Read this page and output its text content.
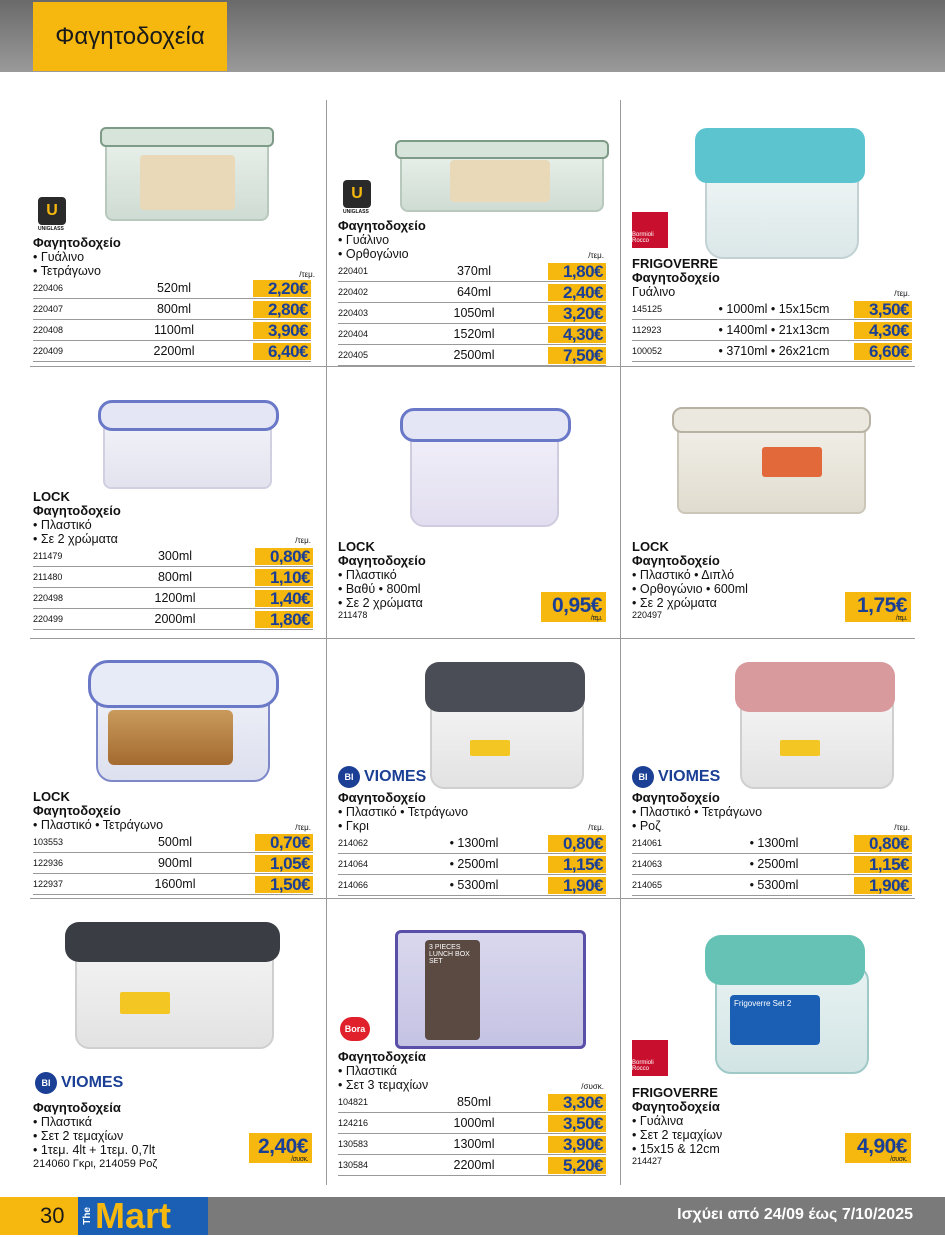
Φαγητοδοχεία
U
UNIGLASS
Φαγητοδοχείο
• Γυάλινο
• Τετράγωνο	/τεμ.
220406	520ml	2,20€

220407	800ml	2,80€

220408	1100ml	3,90€

220409	2200ml	6,40€
U
UNIGLASS
Φαγητοδοχείο
• Γυάλινο
• Ορθογώνιο	/τεμ.
220401	370ml	1,80€

220402	640ml	2,40€

220403	1050ml	3,20€

220404	1520ml	4,30€

220405	2500ml	7,50€
Bormioli Rocco
FRIGOVERRE
Φαγητοδοχείο
Γυάλινο	/τεμ.
145125	• 1000ml • 15x15cm	3,50€

112923	• 1400ml • 21x13cm	4,30€

100052	• 3710ml • 26x21cm	6,60€
LOCK
Φαγητοδοχείο
• Πλαστικό
• Σε 2 χρώματα	/τεμ.
211479	300ml	0,80€

211480	800ml	1,10€

220498	1200ml	1,40€

220499	2000ml	1,80€
LOCK
Φαγητοδοχείο
• Πλαστικό
• Βαθύ • 800ml
• Σε 2 χρώματα
211478	0,95€
/τεμ.
LOCK
Φαγητοδοχείο
• Πλαστικό • Διπλό
• Ορθογώνιο • 600ml
• Σε 2 χρώματα
220497	1,75€
/τεμ.
LOCK
Φαγητοδοχείο
• Πλαστικό • Τετράγωνο	/τεμ.
103553	500ml	0,70€

122936	900ml	1,05€

122937	1600ml	1,50€
ΒΙ VIOMES
Φαγητοδοχείο
• Πλαστικό • Τετράγωνο
• Γκρι	/τεμ.
214062	• 1300ml	0,80€

214064	• 2500ml	1,15€

214066	• 5300ml	1,90€
ΒΙ VIOMES
Φαγητοδοχείο
• Πλαστικό • Τετράγωνο
• Ροζ	/τεμ.
214061	• 1300ml	0,80€

214063	• 2500ml	1,15€

214065	• 5300ml	1,90€
ΒΙ VIOMES
Φαγητοδοχεία
• Πλαστικά
• Σετ 2 τεμαχίων
• 1τεμ. 4lt + 1τεμ. 0,7lt
214060 Γκρι, 214059 Ροζ
2,40€
/συσκ.
3 PIECES LUNCH BOX SET
Bora
Φαγητοδοχεία
• Πλαστικά
• Σετ 3 τεμαχίων	/συσκ.
104821	850ml	3,30€

124216	1000ml	3,50€

130583	1300ml	3,90€

130584	2200ml	5,20€
Frigoverre Set 2
Bormioli Rocco
FRIGOVERRE
Φαγητοδοχεία
• Γυάλινα
• Σετ 2 τεμαχίων
• 15x15 & 12cm
214427
4,90€
/συσκ.
30	The Mart	Ισχύει από 24/09 έως 7/10/2025
